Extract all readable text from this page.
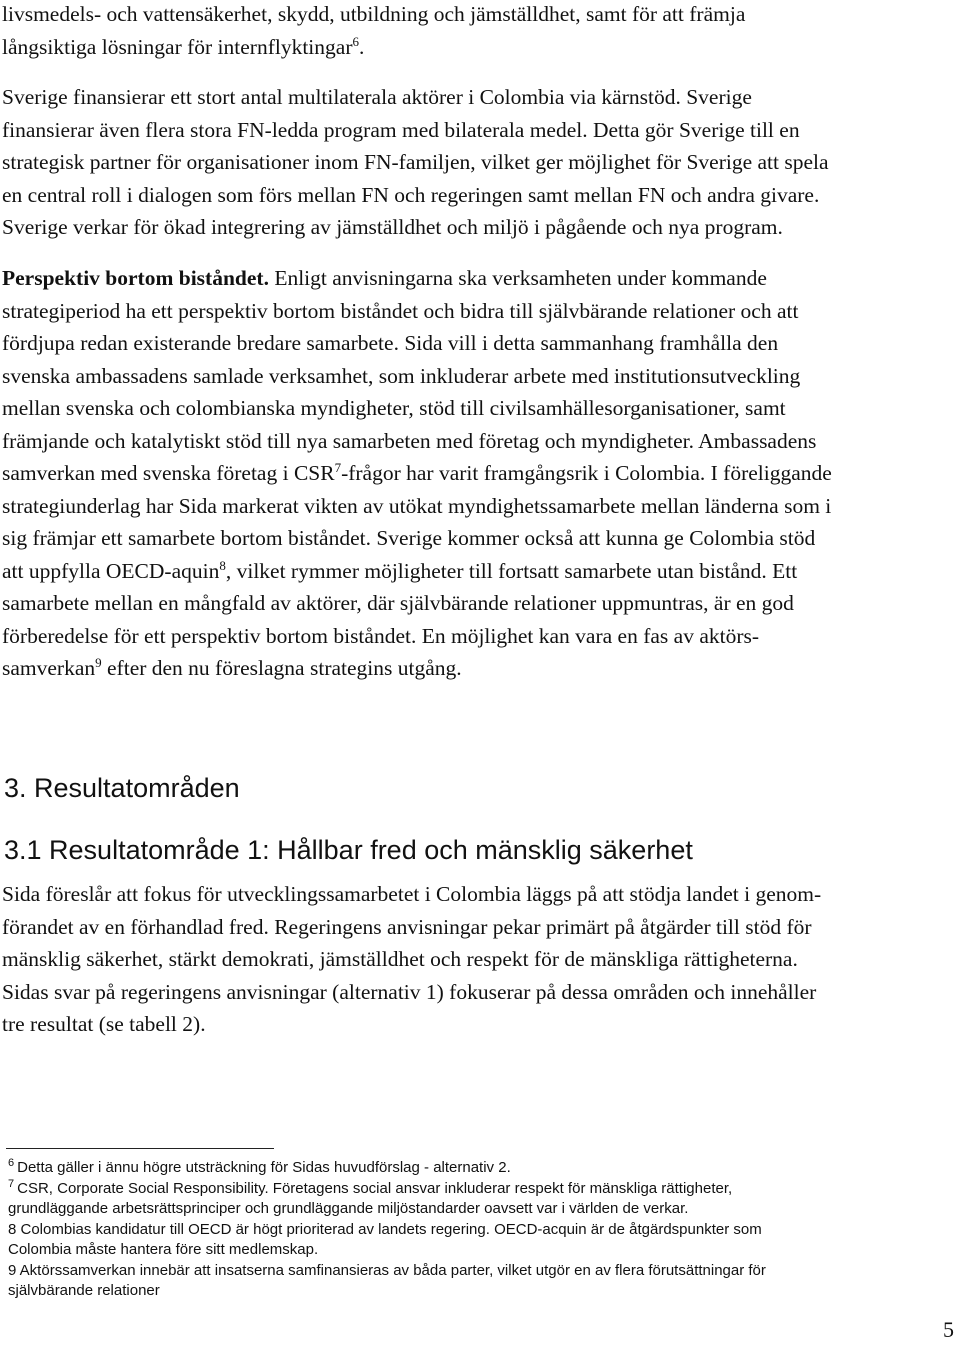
livsmedels- och vattensäkerhet, skydd, utbildning och jämställdhet, samt för att främja
långsiktiga lösningar för internflyktingar$^6$.
Sverige finansierar ett stort antal multilaterala aktörer i Colombia via kärnstöd. Sverige
finansierar även flera stora FN-ledda program med bilaterala medel. Detta gör Sverige till en
strategisk partner för organisationer inom FN-familjen, vilket ger möjlighet för Sverige att spela
en central roll i dialogen som förs mellan FN och regeringen samt mellan FN och andra givare.
Sverige verkar för ökad integrering av jämställdhet och miljö i pågående och nya program.
Perspektiv bortom biståndet. Enligt anvisningarna ska verksamheten under kommande
strategiperiod ha ett perspektiv bortom biståndet och bidra till självbärande relationer och att
fördjupa redan existerande bredare samarbete. Sida vill i detta sammanhang framhålla den
svenska ambassadens samlade verksamhet, som inkluderar arbete med institutionsutveckling
mellan svenska och colombianska myndigheter, stöd till civilsamhällesorganisationer, samt
främjande och katalytiskt stöd till nya samarbeten med företag och myndigheter. Ambassadens
samverkan med svenska företag i CSR$^7$-frågor har varit framgångsrik i Colombia. I föreliggande
strategiunderlag har Sida markerat vikten av utökat myndighetssamarbete mellan länderna som i
sig främjar ett samarbete bortom biståndet. Sverige kommer också att kunna ge Colombia stöd
att uppfylla OECD-aquin$^8$, vilket rymmer möjligheter till fortsatt samarbete utan bistånd. Ett
samarbete mellan en mångfald av aktörer, där självbärande relationer uppmuntras, är en god
förberedelse för ett perspektiv bortom biståndet. En möjlighet kan vara en fas av aktörs-
samverkan$^9$ efter den nu föreslagna strategins utgång.
3. Resultatområden
3.1 Resultatområde 1: Hållbar fred och mänsklig säkerhet
Sida föreslår att fokus för utvecklingssamarbetet i Colombia läggs på att stödja landet i genom-
förandet av en förhandlad fred. Regeringens anvisningar pekar primärt på åtgärder till stöd för
mänsklig säkerhet, stärkt demokrati, jämställdhet och respekt för de mänskliga rättigheterna.
Sidas svar på regeringens anvisningar (alternativ 1) fokuserar på dessa områden och innehåller
tre resultat (se tabell 2).
$^6$ Detta gäller i ännu högre utsträckning för Sidas huvudförslag - alternativ 2.
$^7$ CSR, Corporate Social Responsibility. Företagens social ansvar inkluderar respekt för mänskliga rättigheter,
grundläggande arbetsrättsprinciper och grundläggande miljöstandarder oavsett var i världen de verkar.
8 Colombias kandidatur till OECD är högt prioriterad av landets regering. OECD-acquin är de åtgärdspunkter som
Colombia måste hantera före sitt medlemskap.
9 Aktörssamverkan innebär att insatserna samfinansieras av båda parter, vilket utgör en av flera förutsättningar för
självbärande relationer
5
